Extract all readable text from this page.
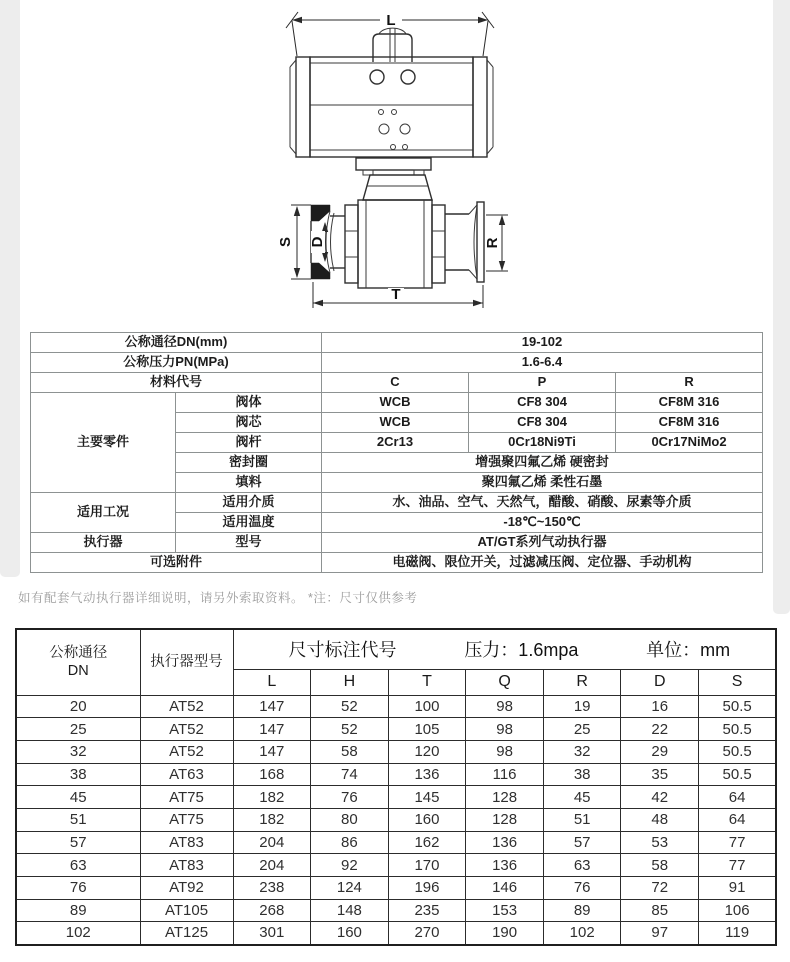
L
S D	R
T
公称通径DN(mm)		19-102		
公称压力PN(MPa)		1.6-6.4		
材料代号		C	P	R
主要零件	阀体	WCB	CF8 304	CF8M 316
	阀芯	WCB	CF8 304	CF8M 316
	阀杆	2Cr13	0Cr18Ni9Ti	0Cr17NiMo2
	密封圈	增强聚四氟乙烯 硬密封		
	填料	聚四氟乙烯 柔性石墨		
适用工况	适用介质	水、油品、空气、天然气，醋酸、硝酸、尿素等介质		
	适用温度	-18℃~150℃		
执行器	型号	AT/GT系列气动执行器		
可选附件		电磁阀、限位开关，过滤减压阀、定位器、手动机构		
如有配套气动执行器详细说明，请另外索取资料。 *注：尺寸仅供参考
公称通径
DN
	执行器型号	
尺寸标注代号	压力：1.6mpa	单位：mm

		L	H	T	Q	R	D	S
20	AT52	147	52	100	98	19	16	50.5
25	AT52	147	52	105	98	25	22	50.5
32	AT52	147	58	120	98	32	29	50.5
38	AT63	168	74	136	116	38	35	50.5
45	AT75	182	76	145	128	45	42	64
51	AT75	182	80	160	128	51	48	64
57	AT83	204	86	162	136	57	53	77
63	AT83	204	92	170	136	63	58	77
76	AT92	238	124	196	146	76	72	91
89	AT105	268	148	235	153	89	85	106
102	AT125	301	160	270	190	102	97	119
